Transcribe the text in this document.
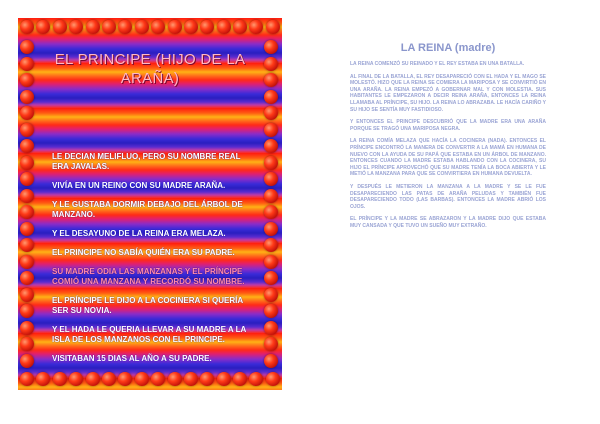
EL PRINCIPE (HIJO DE LA ARAÑA)

LE DECIAN MELIFLUO, PERO SU NOMBRE REAL ERA JAVALAS.

VIVÍA EN UN REINO CON SU MADRE ARAÑA.

Y LE GUSTABA DORMIR DEBAJO DEL ÁRBOL DE MANZANO.

Y EL DESAYUNO DE LA REINA ERA MELAZA.

EL PRINCIPE NO SABÍA QUIÉN ERA SU PADRE.

SU MADRE ODIA LAS MANZANAS Y EL PRÍNCIPE COMIÓ UNA MANZANA Y RECORDÓ SU NOMBRE.

EL PRÍNCIPE LE DIJO A LA COCINERA SI QUERÍA SER SU NOVIA.

Y EL HADA LE QUERIA LLEVAR A SU MADRE A LA ISLA DE LOS MANZANOS CON EL PRINCIPE.

VISITABAN 15 DIAS AL AÑO A SU PADRE.

LA REINA (madre)

LA REINA COMENZÓ SU REINADO Y EL REY ESTABA EN UNA BATALLA.

AL FINAL DE LA BATALLA, EL REY DESAPARECIÓ CON EL HADA Y EL MAGO SE MOLESTÓ. HIZO QUE LA REINA SE COMIERA LA MARIPOSA Y SE CONVIRTIÓ EN UNA ARAÑA. LA REINA EMPEZÓ A GOBERNAR MAL Y CON MOLESTIA. SUS HABITANTES LE EMPEZARON A DECIR REINA ARAÑA, ENTONCES LA REINA LLAMABA AL PRÍNCIPE, SU HIJO. LA REINA LO ABRAZABA. LE HACÍA CARIÑO Y SU HIJO SE SENTÍA MUY FASTIDIOSO.

Y ENTONCES EL PRINCIPE DESCUBRIÓ QUE LA MADRE ERA UNA ARAÑA PORQUE SE TRAGÓ UNA MARIPOSA NEGRA.

LA REINA COMÍA MELAZA QUE HACÍA LA COCINERA (NADA). ENTONCES EL PRÍNCIPE ENCONTRÓ LA MANERA DE CONVERTIR A LA MAMÁ EN HUMANA DE NUEVO CON LA AYUDA DE SU PAPÁ QUE ESTABA EN UN ÁRBOL DE MANZANO. ENTONCES CUANDO LA MADRE ESTABA HABLANDO CON LA COCINERA, SU HIJO EL PRÍNCIPE APROVECHÓ QUE SU MADRE TENÍA LA BOCA ABIERTA Y LE METIÓ LA MANZANA PARA QUE SE CONVIRTIERA EN HUMANA DEVUELTA.

Y DESPUÉS LE METIERON LA MANZANA A LA MADRE Y SE LE FUE DESAPARECIENDO LAS PATAS DE ARAÑA PELUDAS Y TAMBIÉN FUE DESAPARECIENDO TODO (LAS BARBAS). ENTONCES LA MADRE ABRIÓ LOS OJOS.

EL PRÍNCIPE Y LA MADRE SE ABRAZARON Y LA MADRE DIJO QUE ESTABA MUY CANSADA Y QUE TUVO UN SUEÑO MUY EXTRAÑO.
